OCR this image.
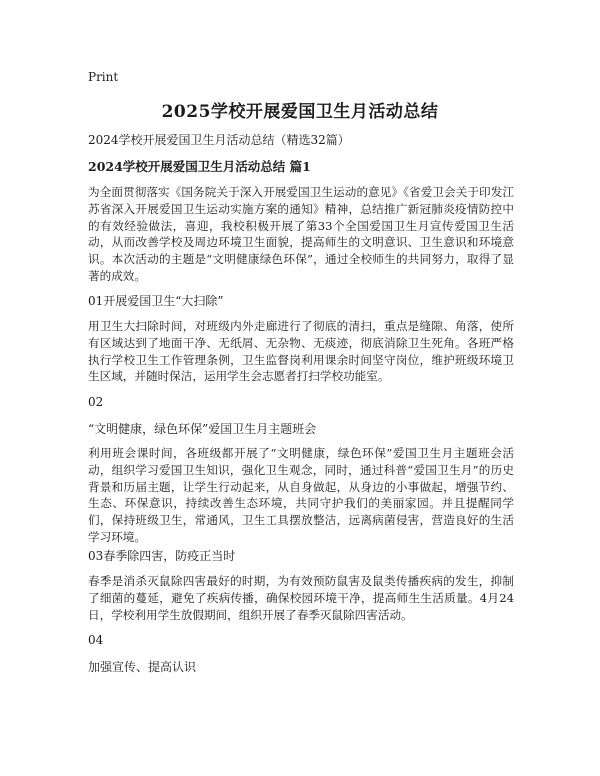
Print
2025学校开展爱国卫生月活动总结

2024学校开展爱国卫生月活动总结（精选32篇）

2024学校开展爱国卫生月活动总结 篇1

为全面贯彻落实《国务院关于深入开展爱国卫生运动的意见》《省爱卫会关于印发江苏省深入开展爱国卫生运动实施方案的通知》精神，总结推广新冠肺炎疫情防控中的有效经验做法，喜迎，我校积极开展了第33个全国爱国卫生月宣传爱国卫生活动，从而改善学校及周边环境卫生面貌，提高师生的文明意识、卫生意识和环境意识。本次活动的主题是“文明健康绿色环保”，通过全校师生的共同努力，取得了显著的成效。

01开展爱国卫生“大扫除”

用卫生大扫除时间，对班级内外走廊进行了彻底的清扫，重点是缝隙、角落，使所有区域达到了地面干净、无纸屑、无杂物、无痰迹，彻底消除卫生死角。各班严格执行学校卫生工作管理条例，卫生监督岗利用课余时间坚守岗位，维护班级环境卫生区域，并随时保洁，运用学生会志愿者打扫学校功能室。

02

“文明健康，绿色环保”爱国卫生月主题班会

利用班会课时间，各班级都开展了“文明健康，绿色环保”爱国卫生月主题班会活动，组织学习爱国卫生知识，强化卫生观念，同时，通过科普“爱国卫生月”的历史背景和历届主题，让学生行动起来，从自身做起，从身边的小事做起，增强节约、生态、环保意识，持续改善生态环境，共同守护我们的美丽家园。并且提醒同学们，保持班级卫生，常通风，卫生工具摆放整洁，远离病菌侵害，营造良好的生活学习环境。

03春季除四害，防疫正当时

春季是消杀灭鼠除四害最好的时期，为有效预防鼠害及鼠类传播疾病的发生，抑制了细菌的蔓延，避免了疾病传播，确保校园环境干净，提高师生生活质量。4月24日，学校利用学生放假期间，组织开展了春季灭鼠除四害活动。

04

加强宣传、提高认识
